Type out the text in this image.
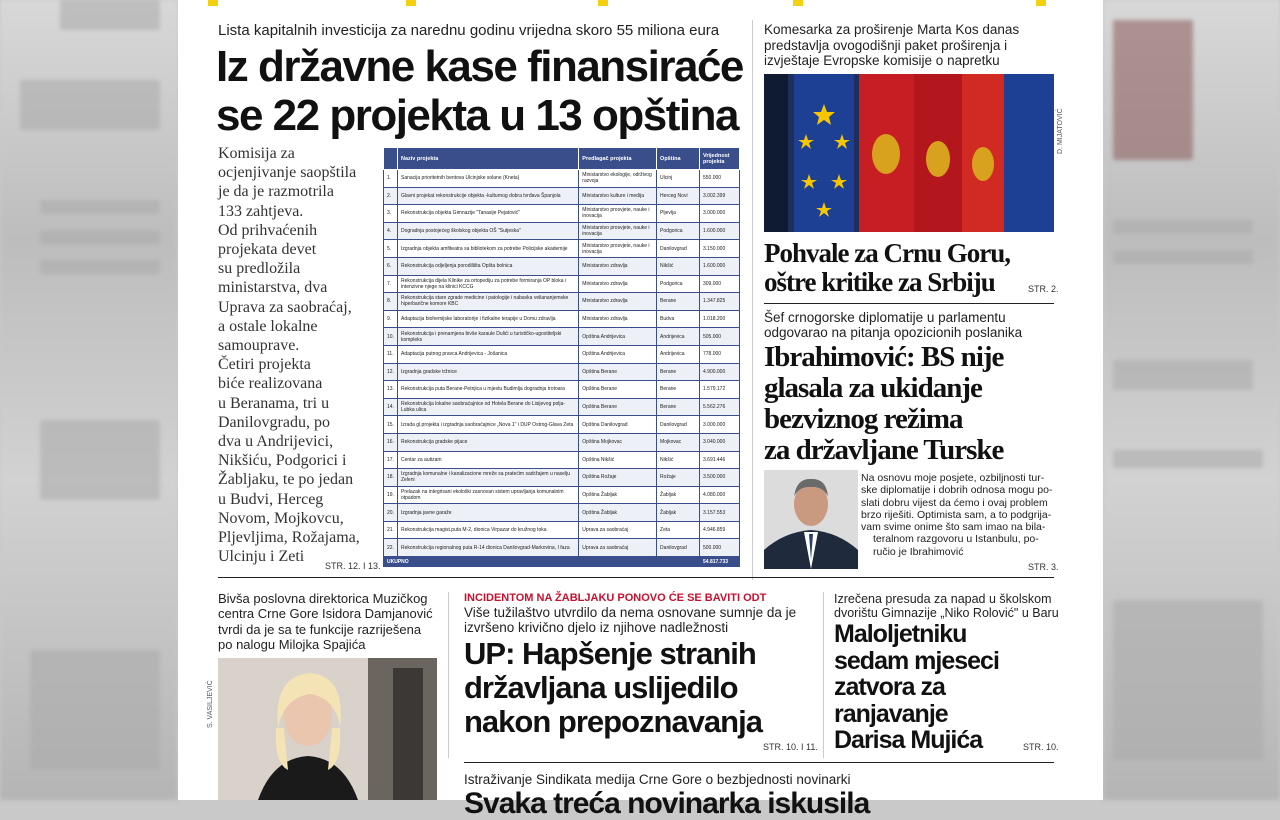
Lista kapitalnih investicija za narednu godinu vrijedna skoro 55 miliona eura
Iz državne kase finansiraće
se 22 projekta u 13 opština
Komisija za
ocjenjivanje saopštila
je da je razmotrila
133 zahtjeva.
Od prihvaćenih
projekata devet
su predložila
ministarstva, dva
Uprava za saobraćaj,
a ostale lokalne
samouprave.
Četiri projekta
biće realizovana
u Beranama, tri u
Danilovgradu, po
dva u Andrijevici,
Nikšiću, Podgorici i
Žabljaku, te po jedan
u Budvi, Herceg
Novom, Mojkovcu,
Pljevljima, Rožajama,
Ulcinju i Zeti
	Naziv projekta	Predlagač projekta	Opština	Vrijednost projekta
1.	Sanacija prioritetnih bentova Ulcinjske solane (Kneta)	Ministarstvo ekologije, održivog razvoja	Ulcinj	550.000
2.	Glavni projekat rekonstrukcije objekta -kulturnog dobra tvrđava Španjola	Ministarstvo kulture i medija	Herceg Novi	3.002.399
3.	Rekonstrukcija objekta Gimnazije "Tanasije Pejatović"	Ministarstvo prosvjete, nauke i inovacija	Pljevlja	3.000.000
4.	Dogradnja postojećeg školskog objekta OŠ "Sutjeska"	Ministarstvo prosvjete, nauke i inovacija	Podgorica	1.600.000
5.	Izgradnja objekta amfiteatra sa bibliotekom za potrebe Policijske akademije	Ministarstvo prosvjete, nauke i inovacija	Danilovgrad	3.150.000
6.	Rekonstrukcija odjeljenja porodilišta Opšta bolnica	Ministarstvo zdravlja	Nikšić	1.600.000
7.	Rekonstrukcija dijela Klinike za ortopediju za potrebe formiranja OP bloka i intenzivne njege na klinici KCCG	Ministarstvo zdravlja	Podgorica	309.000
8.	Rekonstrukcija stare zgrade medicine i patologije i nabavka veliananjemske hiperbarične komore KBC	Ministarstvo zdravlja	Berane	1.347.825
9.	Adaptacija biohemijske laboratorije i fizikalne terapije u Domu zdravlja	Ministarstvo zdravlja	Budva	1.018.200
10.	Rekonstrukcija i prenamjena bivše karaule Dulići u turističko-ugostiteljski kompleks	Opština Andrijevica	Andrijevica	505.000
11.	Adaptacija putnog pravca Andrijevica - Jošanica	Opština Andrijevica	Andrijevica	778.000
12.	Izgradnja gradske tržnice	Opština Berane	Berane	4.900.000
13.	Rekonstrukcija puta Berane-Petnjica u mjestu Budimlja dogradnja trotoara	Opština Berane	Berane	1.579.172
14.	Rekonstrukcija lokalne saobraćajnice od Hotela Berane do Lisijevog polja-Lubka ulica	Opština Berane	Berane	5.562.276
15.	Izrada gl.projekta i izgradnja saobraćajnice „Nova 1" i DUP Ostrog-Glava Zeta	Opština Danilovgrad	Danilovgrad	3.000.000
16.	Rekonstrukcija gradske pijace	Opština Mojkovac	Mojkovac	3.040.000
17.	Centar za autizam	Opština Nikšić	Nikšić	3.691.446
18.	Izgradnja komunalne i kanalizacione mreže sa pratećim sadržajem u naselju Zeleni	Opština Rožaje	Rožaje	3.500.000
19.	Prelazak na integrisani ekološki zasnovan sistem upravljanja komunalnim otpadom	Opština Žabljak	Žabljak	4.080.000
20.	Izgradnja javne garaže	Opština Žabljak	Žabljak	3.157.553
21.	Rekonstrukcija magist.puta M-2, dionica Virpazar do kružnog toka	Uprava za saobraćaj	Zeta	4.946.859
22.	Rekonstrukcija regionalnog puta R-14 dionica Danilovgrad-Markovina, I faza	Uprava za saobraćaj	Danilovgrad	500.000
UKUPNO				54.817.733
STR. 12. I 13.
Komesarka za proširenje Marta Kos danas
predstavlja ovogodišnji paket proširenja i
izvještaje Evropske komisije o napretku
D. MIJATOVIĆ
Pohvale za Crnu Goru,
oštre kritike za Srbiju	STR. 2.
Šef crnogorske diplomatije u parlamentu
odgovarao na pitanja opozicionih poslanika
Ibrahimović: BS nije
glasala za ukidanje
bezviznog režima
za državljane Turske
Na osnovu moje posjete, ozbiljnosti tur-
ske diplomatije i dobrih odnosa mogu po-
slati dobru vijest da ćemo i ovaj problem
brzo riješiti. Optimista sam, a to podgrija-
vam svime onime što sam imao na bila-
teralnom razgovoru u Istanbulu, po-
ručio je Ibrahimović
STR. 3.
Bivša poslovna direktorica Muzičkog
centra Crne Gore Isidora Damjanović
tvrdi da je sa te funkcije razriješena
po nalogu Milojka Spajića
S. VASILJEVIĆ
INCIDENTOM NA ŽABLJAKU PONOVO ĆE SE BAVITI ODT
Više tužilaštvo utvrdilo da nema osnovane sumnje da je
izvršeno krivično djelo iz njihove nadležnosti
UP: Hapšenje stranih
državljana uslijedilo
nakon prepoznavanja
STR. 10. I 11.
Izrečena presuda za napad u školskom
dvorištu Gimnazije „Niko Rolović" u Baru
Maloljetniku
sedam mjeseci
zatvora za
ranjavanje
Darisa Mujića	STR. 10.
Istraživanje Sindikata medija Crne Gore o bezbjednosti novinarki
Svaka treća novinarka iskusila
